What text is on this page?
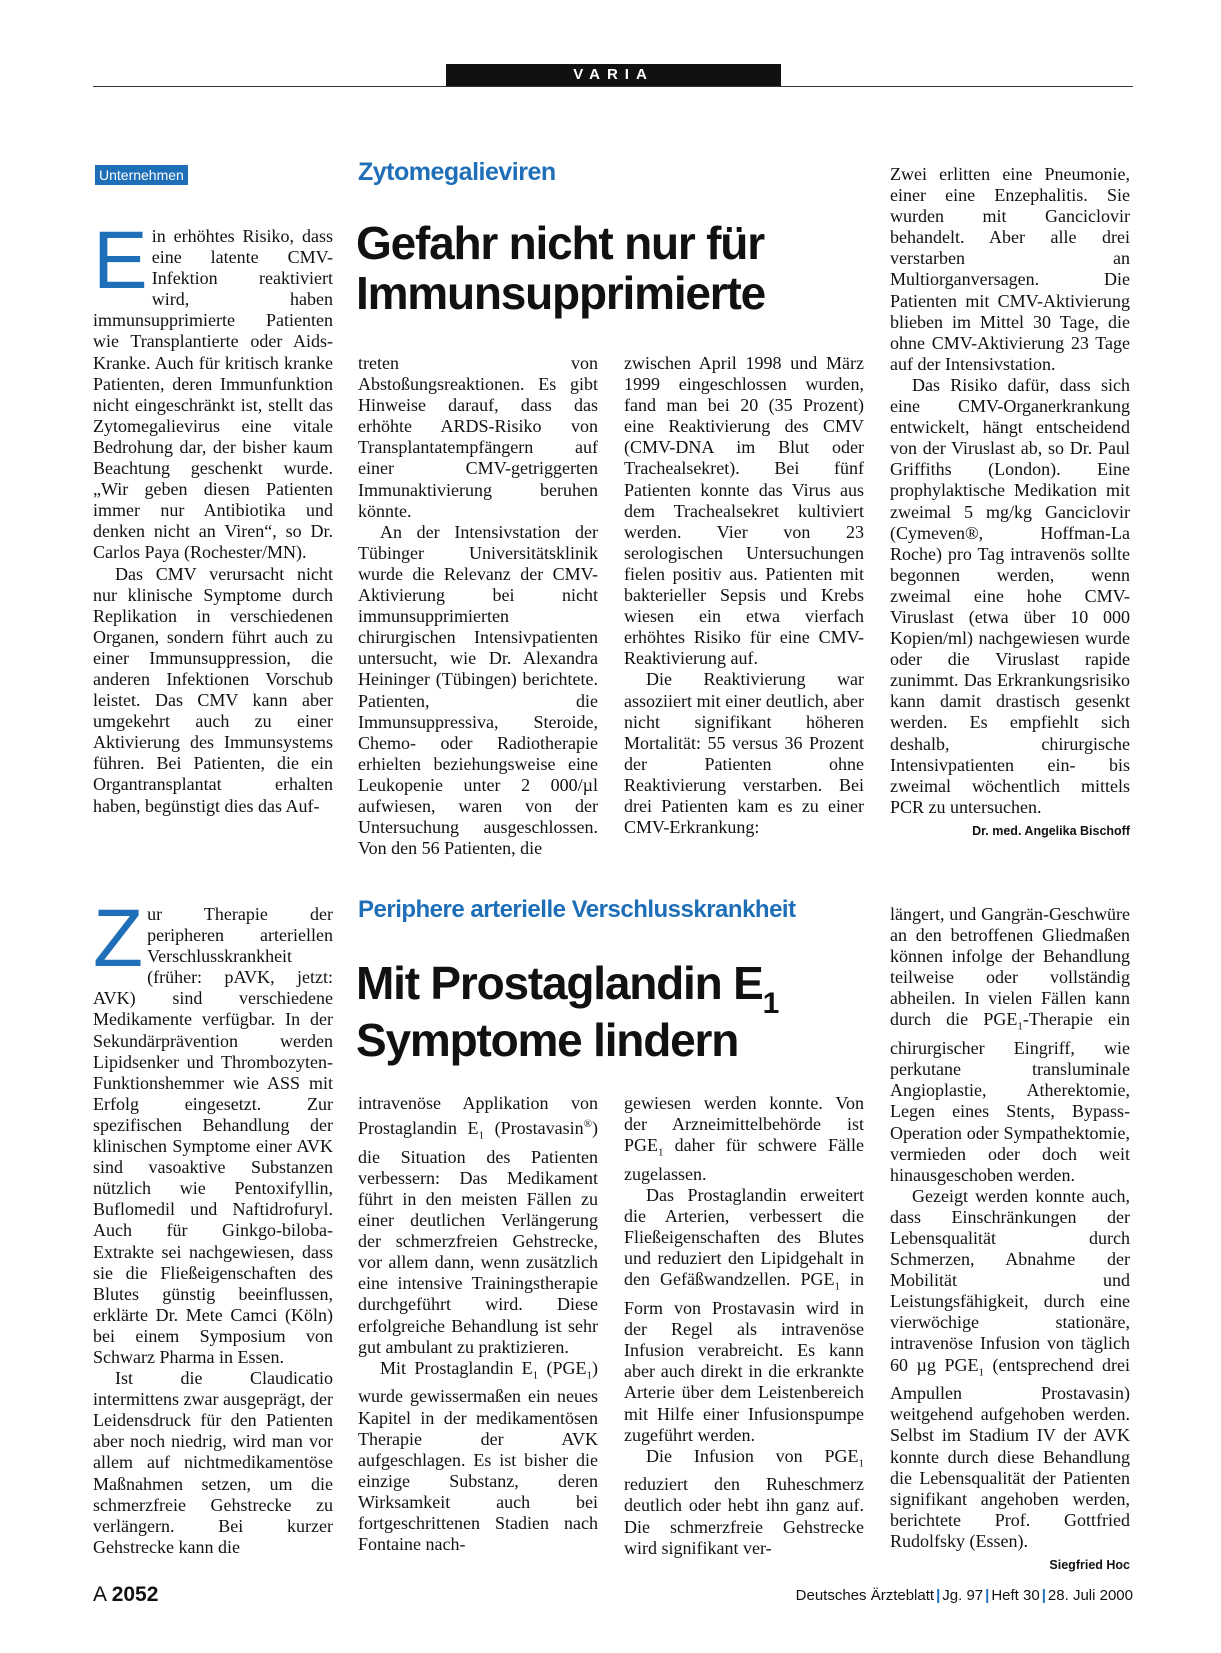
VARIA
Unternehmen	Zytomegalieviren
Gefahr nicht nur für
Immunsupprimierte

Ein erhöhtes Risiko, dass eine latente CMV-Infektion reaktiviert wird, haben immunsupprimierte Patienten wie Transplantierte oder Aids-Kranke. Auch für kritisch kranke Patienten, deren Immunfunktion nicht eingeschränkt ist, stellt das Zytomegalievirus eine vitale Bedrohung dar, der bisher kaum Beachtung geschenkt wurde. „Wir geben diesen Patienten immer nur Antibiotika und denken nicht an Viren“, so Dr. Carlos Paya (Rochester/MN).

Das CMV verursacht nicht nur klinische Symptome durch Replikation in verschiedenen Organen, sondern führt auch zu einer Immunsuppression, die anderen Infektionen Vorschub leistet. Das CMV kann aber umgekehrt auch zu einer Aktivierung des Immunsystems führen. Bei Patienten, die ein Organtransplantat erhalten haben, begünstigt dies das Auf-

treten von Abstoßungsreaktionen. Es gibt Hinweise darauf, dass das erhöhte ARDS-Risiko von Transplantatempfängern auf einer CMV-getriggerten Immunaktivierung beruhen könnte.

An der Intensivstation der Tübinger Universitätsklinik wurde die Relevanz der CMV-Aktivierung bei nicht immunsupprimierten chirurgischen Intensivpatienten untersucht, wie Dr. Alexandra Heininger (Tübingen) berichtete. Patienten, die Immunsuppressiva, Steroide, Chemo- oder Radiotherapie erhielten beziehungsweise eine Leukopenie unter 2 000/µl aufwiesen, waren von der Untersuchung ausgeschlossen. Von den 56 Patienten, die

zwischen April 1998 und März 1999 eingeschlossen wurden, fand man bei 20 (35 Prozent) eine Reaktivierung des CMV (CMV-DNA im Blut oder Trachealsekret). Bei fünf Patienten konnte das Virus aus dem Trachealsekret kultiviert werden. Vier von 23 serologischen Untersuchungen fielen positiv aus. Patienten mit bakterieller Sepsis und Krebs wiesen ein etwa vierfach erhöhtes Risiko für eine CMV-Reaktivierung auf.

Die Reaktivierung war assoziiert mit einer deutlich, aber nicht signifikant höheren Mortalität: 55 versus 36 Prozent der Patienten ohne Reaktivierung verstarben. Bei drei Patienten kam es zu einer CMV-Erkrankung:

Zwei erlitten eine Pneumonie, einer eine Enzephalitis. Sie wurden mit Ganciclovir behandelt. Aber alle drei verstarben an Multiorganversagen. Die Patienten mit CMV-Aktivierung blieben im Mittel 30 Tage, die ohne CMV-Aktivierung 23 Tage auf der Intensivstation.

Das Risiko dafür, dass sich eine CMV-Organerkrankung entwickelt, hängt entscheidend von der Viruslast ab, so Dr. Paul Griffiths (London). Eine prophylaktische Medikation mit zweimal 5 mg/kg Ganciclovir (Cymeven®, Hoffman-La Roche) pro Tag intravenös sollte begonnen werden, wenn zweimal eine hohe CMV-Viruslast (etwa über 10 000 Kopien/ml) nachgewiesen wurde oder die Viruslast rapide zunimmt. Das Erkrankungsrisiko kann damit drastisch gesenkt werden. Es empfiehlt sich deshalb, chirurgische Intensivpatienten ein- bis zweimal wöchentlich mittels PCR zu untersuchen.
Dr. med. Angelika Bischoff

Periphere arterielle Verschlusskrankheit
Mit Prostaglandin $E_1$
Symptome lindern

Zur Therapie der peripheren arteriellen Verschlusskrankheit (früher: pAVK, jetzt: AVK) sind verschiedene Medikamente verfügbar. In der Sekundärprävention werden Lipidsenker und Thrombozyten-Funktionshemmer wie ASS mit Erfolg eingesetzt. Zur spezifischen Behandlung der klinischen Symptome einer AVK sind vasoaktive Substanzen nützlich wie Pentoxifyllin, Buflomedil und Naftidrofuryl. Auch für Ginkgo-biloba-Extrakte sei nachgewiesen, dass sie die Fließeigenschaften des Blutes günstig beeinflussen, erklärte Dr. Mete Camci (Köln) bei einem Symposium von Schwarz Pharma in Essen.

Ist die Claudicatio intermittens zwar ausgeprägt, der Leidensdruck für den Patienten aber noch niedrig, wird man vor allem auf nichtmedikamentöse Maßnahmen setzen, um die schmerzfreie Gehstrecke zu verlängern. Bei kurzer Gehstrecke kann die

intravenöse Applikation von Prostaglandin $E_1$ (Prostavasin®) die Situation des Patienten verbessern: Das Medikament führt in den meisten Fällen zu einer deutlichen Verlängerung der schmerzfreien Gehstrecke, vor allem dann, wenn zusätzlich eine intensive Trainingstherapie durchgeführt wird. Diese erfolgreiche Behandlung ist sehr gut ambulant zu praktizieren.

Mit Prostaglandin $E_1$ $(PGE_1)$ wurde gewissermaßen ein neues Kapitel in der medikamentösen Therapie der AVK aufgeschlagen. Es ist bisher die einzige Substanz, deren Wirksamkeit auch bei fortgeschrittenen Stadien nach Fontaine nach-

gewiesen werden konnte. Von der Arzneimittelbehörde ist $PGE_1$ daher für schwere Fälle zugelassen.

Das Prostaglandin erweitert die Arterien, verbessert die Fließeigenschaften des Blutes und reduziert den Lipidgehalt in den Gefäßwandzellen. $PGE_1$ in Form von Prostavasin wird in der Regel als intravenöse Infusion verabreicht. Es kann aber auch direkt in die erkrankte Arterie über dem Leistenbereich mit Hilfe einer Infusionspumpe zugeführt werden.

Die Infusion von $PGE_1$ reduziert den Ruheschmerz deutlich oder hebt ihn ganz auf. Die schmerzfreie Gehstrecke wird signifikant ver-

längert, und Gangrän-Geschwüre an den betroffenen Gliedmaßen können infolge der Behandlung teilweise oder vollständig abheilen. In vielen Fällen kann durch die $PGE_1$-Therapie ein chirurgischer Eingriff, wie perkutane transluminale Angioplastie, Atherektomie, Legen eines Stents, Bypass-Operation oder Sympathektomie, vermieden oder doch weit hinausgeschoben werden.

Gezeigt werden konnte auch, dass Einschränkungen der Lebensqualität durch Schmerzen, Abnahme der Mobilität und Leistungsfähigkeit, durch eine vierwöchige stationäre, intravenöse Infusion von täglich 60 µg $PGE_1$ (entsprechend drei Ampullen Prostavasin) weitgehend aufgehoben werden. Selbst im Stadium IV der AVK konnte durch diese Behandlung die Lebensqualität der Patienten signifikant angehoben werden, berichtete Prof. Gottfried Rudolfsky (Essen).
Siegfried Hoc

A 2052	Deutsches Ärzteblatt | Jg. 97 | Heft 30 | 28. Juli 2000
